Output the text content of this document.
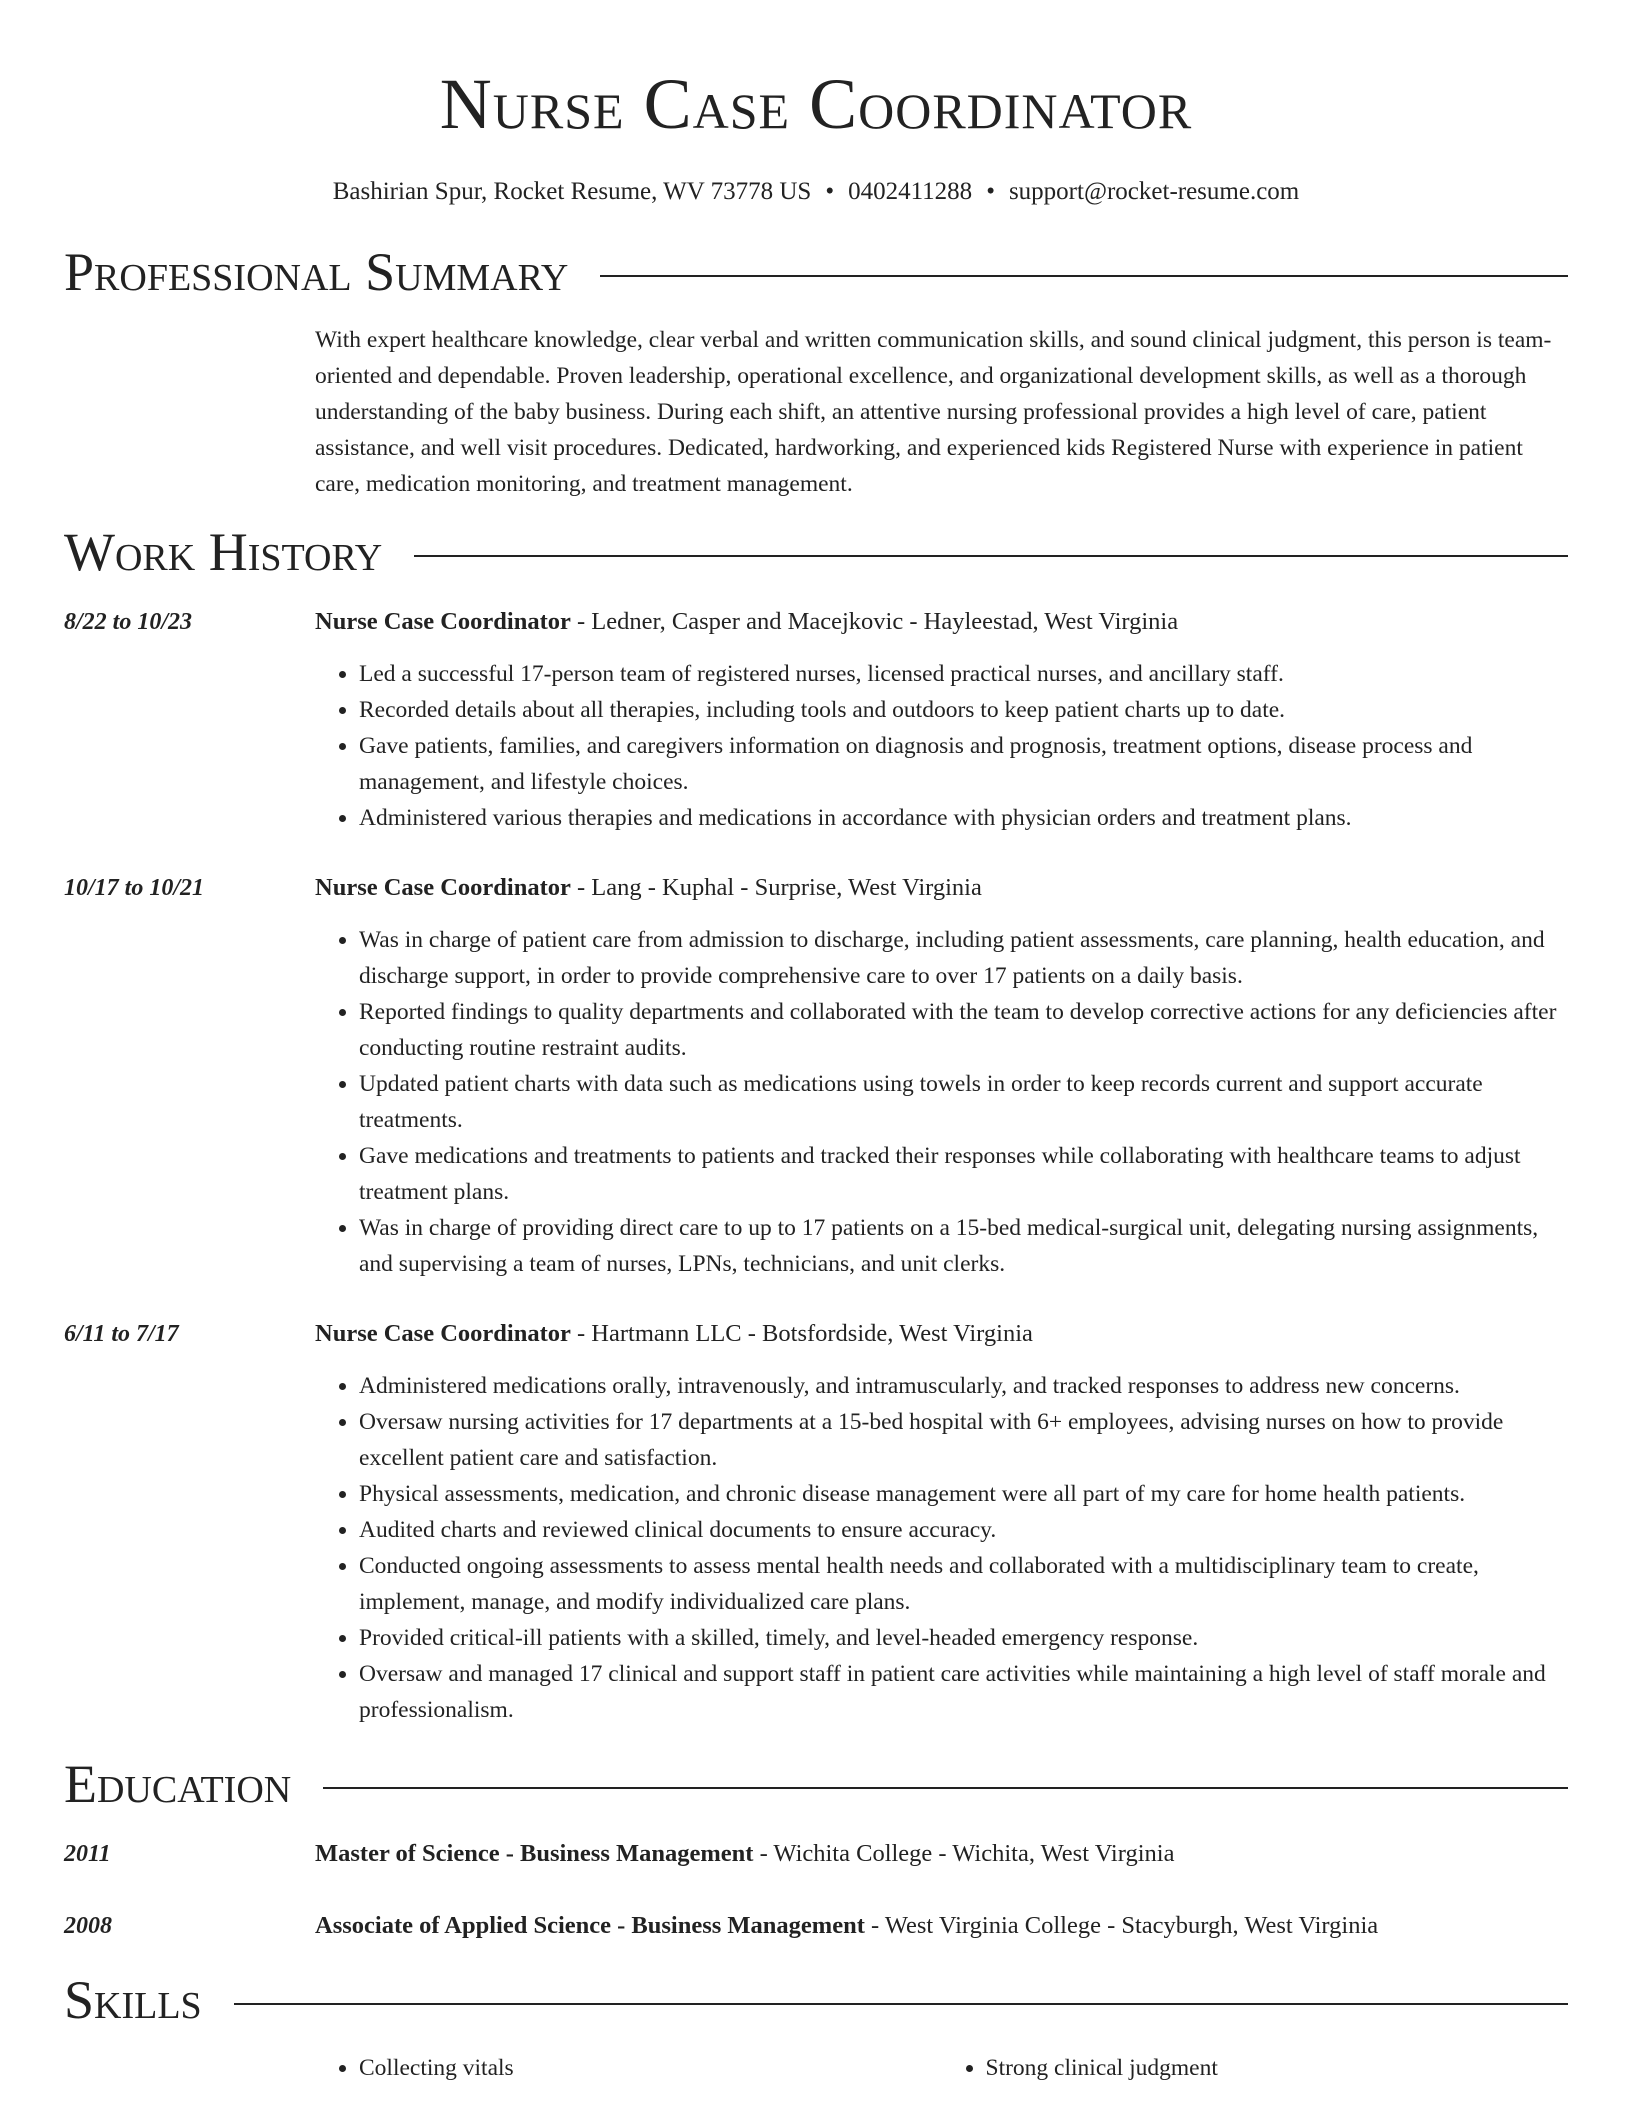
Nurse Case Coordinator
Bashirian Spur, Rocket Resume, WV 73778 US • 0402411288 • support@rocket-resume.com
Professional Summary

With expert healthcare knowledge, clear verbal and written communication skills, and sound clinical judgment, this person is team-oriented and dependable. Proven leadership, operational excellence, and organizational development skills, as well as a thorough understanding of the baby business. During each shift, an attentive nursing professional provides a high level of care, patient assistance, and well visit procedures. Dedicated, hardworking, and experienced kids Registered Nurse with experience in patient care, medication monitoring, and treatment management.

Work History
8/22 to 10/23	Nurse Case Coordinator - Ledner, Casper and Macejkovic - Hayleestad, West Virginia
• Led a successful 17-person team of registered nurses, licensed practical nurses, and ancillary staff.
• Recorded details about all therapies, including tools and outdoors to keep patient charts up to date.
• Gave patients, families, and caregivers information on diagnosis and prognosis, treatment options, disease process and management, and lifestyle choices.
• Administered various therapies and medications in accordance with physician orders and treatment plans.
10/17 to 10/21	Nurse Case Coordinator - Lang - Kuphal - Surprise, West Virginia
• Was in charge of patient care from admission to discharge, including patient assessments, care planning, health education, and discharge support, in order to provide comprehensive care to over 17 patients on a daily basis.
• Reported findings to quality departments and collaborated with the team to develop corrective actions for any deficiencies after conducting routine restraint audits.
• Updated patient charts with data such as medications using towels in order to keep records current and support accurate treatments.
• Gave medications and treatments to patients and tracked their responses while collaborating with healthcare teams to adjust treatment plans.
• Was in charge of providing direct care to up to 17 patients on a 15-bed medical-surgical unit, delegating nursing assignments, and supervising a team of nurses, LPNs, technicians, and unit clerks.
6/11 to 7/17	Nurse Case Coordinator - Hartmann LLC - Botsfordside, West Virginia
• Administered medications orally, intravenously, and intramuscularly, and tracked responses to address new concerns.
• Oversaw nursing activities for 17 departments at a 15-bed hospital with 6+ employees, advising nurses on how to provide excellent patient care and satisfaction.
• Physical assessments, medication, and chronic disease management were all part of my care for home health patients.
• Audited charts and reviewed clinical documents to ensure accuracy.
• Conducted ongoing assessments to assess mental health needs and collaborated with a multidisciplinary team to create, implement, manage, and modify individualized care plans.
• Provided critical-ill patients with a skilled, timely, and level-headed emergency response.
• Oversaw and managed 17 clinical and support staff in patient care activities while maintaining a high level of staff morale and professionalism.
Education
2011	Master of Science - Business Management - Wichita College - Wichita, West Virginia
2008	Associate of Applied Science - Business Management - West Virginia College - Stacyburgh, West Virginia
Skills
• Collecting vitals
•	Strong clinical judgment
